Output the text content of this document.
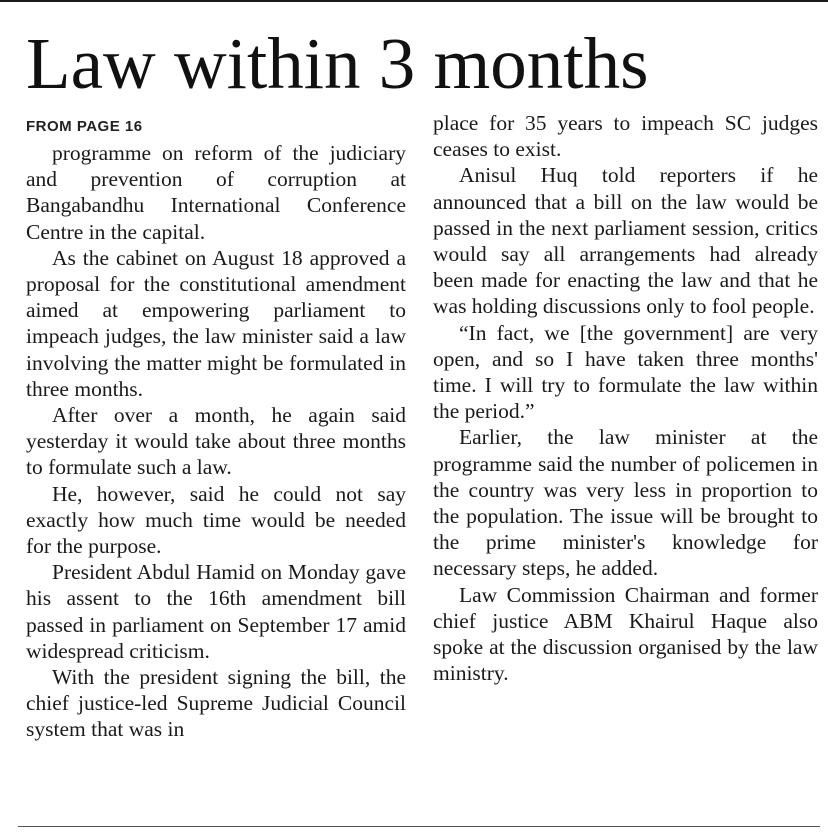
Law within 3 months
FROM PAGE 16

programme on reform of the judiciary and prevention of corruption at Bangabandhu International Conference Centre in the capital.

As the cabinet on August 18 approved a proposal for the constitutional amendment aimed at empowering parliament to impeach judges, the law minister said a law involving the matter might be formulated in three months.

After over a month, he again said yesterday it would take about three months to formulate such a law.

He, however, said he could not say exactly how much time would be needed for the purpose.

President Abdul Hamid on Monday gave his assent to the 16th amendment bill passed in parliament on September 17 amid widespread criticism.

With the president signing the bill, the chief justice-led Supreme Judicial Council system that was in

place for 35 years to impeach SC judges ceases to exist.

Anisul Huq told reporters if he announced that a bill on the law would be passed in the next parliament session, critics would say all arrangements had already been made for enacting the law and that he was holding discussions only to fool people.

“In fact, we [the government] are very open, and so I have taken three months' time. I will try to formulate the law within the period.”

Earlier, the law minister at the programme said the number of policemen in the country was very less in proportion to the population. The issue will be brought to the prime minister's knowledge for necessary steps, he added.

Law Commission Chairman and former chief justice ABM Khairul Haque also spoke at the discussion organised by the law ministry.
